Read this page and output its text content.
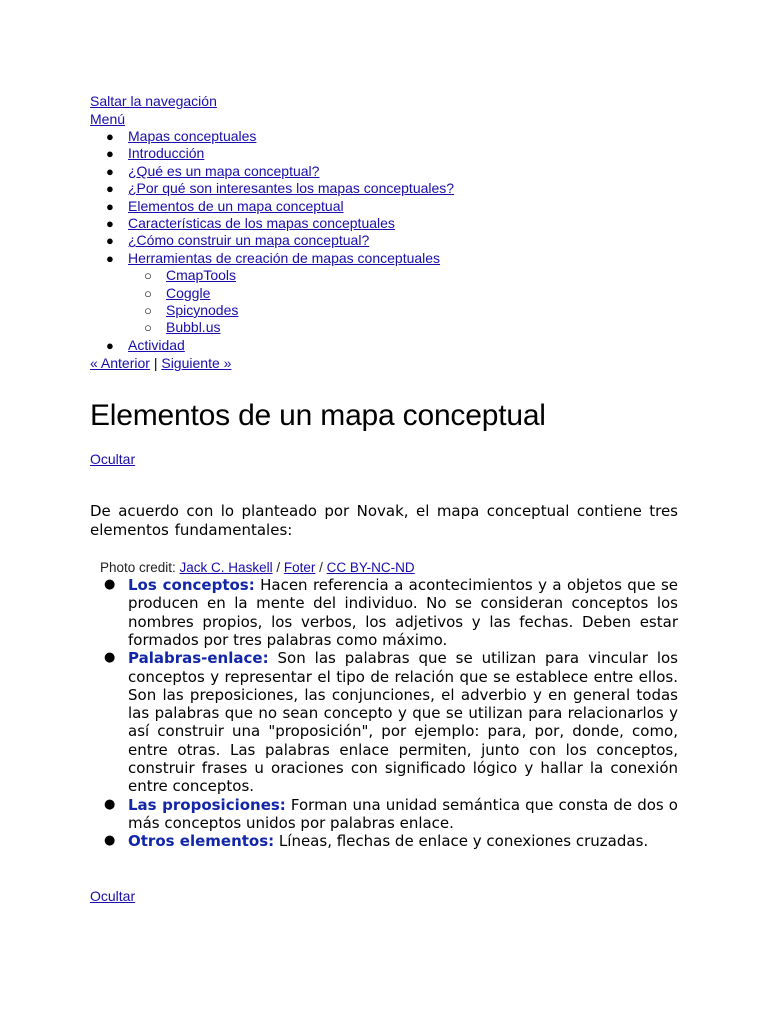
Saltar la navegación
Menú
● Mapas conceptuales
● Introducción
● ¿Qué es un mapa conceptual?
● ¿Por qué son interesantes los mapas conceptuales?
● Elementos de un mapa conceptual
● Características de los mapas conceptuales
● ¿Cómo construir un mapa conceptual?
● Herramientas de creación de mapas conceptuales
○ CmapTools
○ Coggle
○ Spicynodes
○ Bubbl.us
● Actividad
« Anterior | Siguiente »
Elementos de un mapa conceptual
Ocultar

De acuerdo con lo planteado por Novak, el mapa conceptual contiene tres elementos fundamentales:

Photo credit: Jack C. Haskell / Foter / CC BY-NC-ND
● Los conceptos: Hacen referencia a acontecimientos y a objetos que se producen en la mente del individuo. No se consideran conceptos los nombres propios, los verbos, los adjetivos y las fechas. Deben estar formados por tres palabras como máximo.
● Palabras-enlace: Son las palabras que se utilizan para vincular los conceptos y representar el tipo de relación que se establece entre ellos. Son las preposiciones, las conjunciones, el adverbio y en general todas las palabras que no sean concepto y que se utilizan para relacionarlos y así construir una "proposición", por ejemplo: para, por, donde, como, entre otras. Las palabras enlace permiten, junto con los conceptos, construir frases u oraciones con significado lógico y hallar la conexión entre conceptos.
● Las proposiciones: Forman una unidad semántica que consta de dos o más conceptos unidos por palabras enlace.
● Otros elementos: Líneas, flechas de enlace y conexiones cruzadas.
Ocultar
